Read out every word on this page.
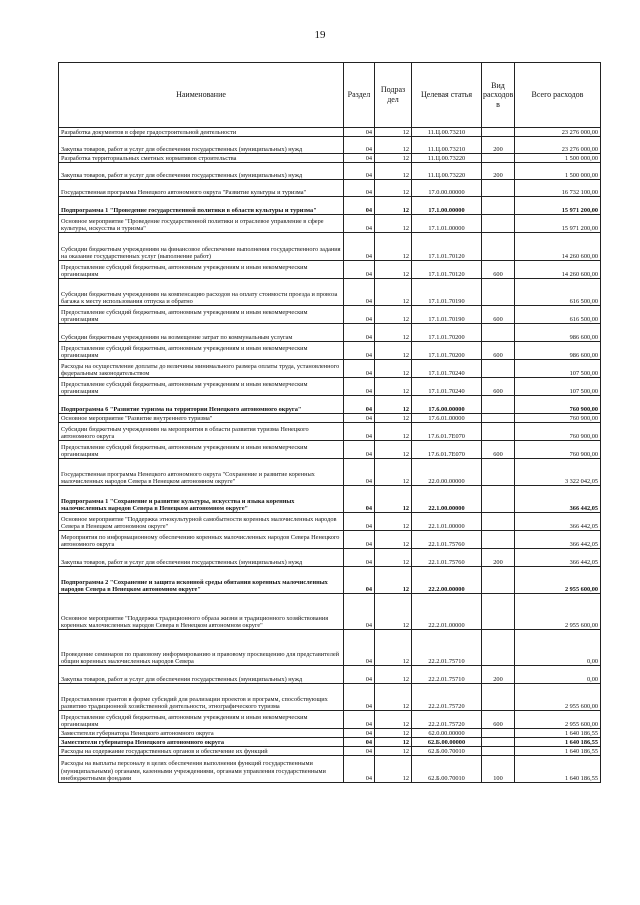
19
Наименование	Раздел	Подраз дел	Целевая статья	Вид расходов в	Всего расходов
Разработка документов в сфере градостроительной деятельности	04	12	11.Ц.00.73210		23 276 000,00
Закупка товаров, работ и услуг для обеспечения государственных (муниципальных) нужд	04	12	11.Ц.00.73210	200	23 276 000,00
Разработка территориальных сметных нормативов строительства	04	12	11.Ц.00.73220		1 500 000,00
Закупка товаров, работ и услуг для обеспечения государственных (муниципальных) нужд	04	12	11.Ц.00.73220	200	1 500 000,00
Государственная программа Ненецкого автономного округа "Развитие культуры и туризма"	04	12	17.0.00.00000		16 732 100,00
Подпрограмма 1 "Проведение государственной политики в области культуры и туризма"	04	12	17.1.00.00000		15 971 200,00
Основное мероприятие "Проведение государственной политики и отраслевое управление в сфере культуры, искусства и туризма"	04	12	17.1.01.00000		15 971 200,00
Субсидии бюджетным учреждениям на финансовое обеспечение выполнения государственного задания на оказание государственных услуг (выполнение работ)	04	12	17.1.01.70120		14 260 600,00
Предоставление субсидий бюджетным, автономным учреждениям и иным некоммерческим организациям	04	12	17.1.01.70120	600	14 260 600,00
Субсидии бюджетным учреждениям на компенсацию расходов на оплату стоимости проезда и провоза багажа к месту использования отпуска и обратно	04	12	17.1.01.70190		616 500,00
Предоставление субсидий бюджетным, автономным учреждениям и иным некоммерческим организациям	04	12	17.1.01.70190	600	616 500,00
Субсидии бюджетным учреждениям на возмещение затрат по коммунальным услугам	04	12	17.1.01.70200		986 600,00
Предоставление субсидий бюджетным, автономным учреждениям и иным некоммерческим организациям	04	12	17.1.01.70200	600	986 600,00
Расходы на осуществление доплаты до величины минимального размера оплаты труда, установленного федеральным законодательством	04	12	17.1.01.70240		107 500,00
Предоставление субсидий бюджетным, автономным учреждениям и иным некоммерческим организациям	04	12	17.1.01.70240	600	107 500,00
Подпрограмма 6 "Развитие туризма на территории Ненецкого автономного округа"	04	12	17.6.00.00000		760 900,00
Основное мероприятие "Развитие внутреннего туризма"	04	12	17.6.01.00000		760 900,00
Субсидии бюджетным учреждениям на мероприятия в области развития туризма Ненецкого автономного округа	04	12	17.6.01.7Е070		760 900,00
Предоставление субсидий бюджетным, автономным учреждениям и иным некоммерческим организациям	04	12	17.6.01.7Е070	600	760 900,00
Государственная программа Ненецкого автономного округа "Сохранение и развитие коренных малочисленных народов Севера в Ненецком автономном округе"	04	12	22.0.00.00000		3 322 042,05
Подпрограмма 1 "Сохранение и развитие культуры, искусства и языка коренных малочисленных народов Севера в Ненецком автономном округе"	04	12	22.1.00.00000		366 442,05
Основное мероприятие "Поддержка этнокультурной самобытности коренных малочисленных народов Севера в Ненецком автономном округе"	04	12	22.1.01.00000		366 442,05
Мероприятия по информационному обеспечению коренных малочисленных народов Севера Ненецкого автономного округа	04	12	22.1.01.75760		366 442,05
Закупка товаров, работ и услуг для обеспечения государственных (муниципальных) нужд	04	12	22.1.01.75760	200	366 442,05
Подпрограмма 2 "Сохранение и защита исконной среды обитания коренных малочисленных народов Севера в Ненецком автономном округе"	04	12	22.2.00.00000		2 955 600,00
Основное мероприятие "Поддержка традиционного образа жизни и традиционного хозяйствования коренных малочисленных народов Севера в Ненецком автономном округе"	04	12	22.2.01.00000		2 955 600,00
Проведение семинаров по правовому информированию и правовому просвещению для представителей общин коренных малочисленных народов Севера	04	12	22.2.01.75710		0,00
Закупка товаров, работ и услуг для обеспечения государственных (муниципальных) нужд	04	12	22.2.01.75710	200	0,00
Предоставление грантов в форме субсидий для реализации проектов и программ, способствующих развитию традиционной хозяйственной деятельности, этнографического туризма	04	12	22.2.01.75720		2 955 600,00
Предоставление субсидий бюджетным, автономным учреждениям и иным некоммерческим организациям	04	12	22.2.01.75720	600	2 955 600,00
Заместители губернатора Ненецкого автономного округа	04	12	62.0.00.00000		1 640 186,55
Заместители губернатора Ненецкого автономного округа	04	12	62.Б.00.00000		1 640 186,55
Расходы на содержание государственных органов и обеспечение их функций	04	12	62.Б.00.70010		1 640 186,55
Расходы на выплаты персоналу в целях обеспечения выполнения функций государственными (муниципальными) органами, казенными учреждениями, органами управления государственными внебюджетными фондами	04	12	62.Б.00.70010	100	1 640 186,55
